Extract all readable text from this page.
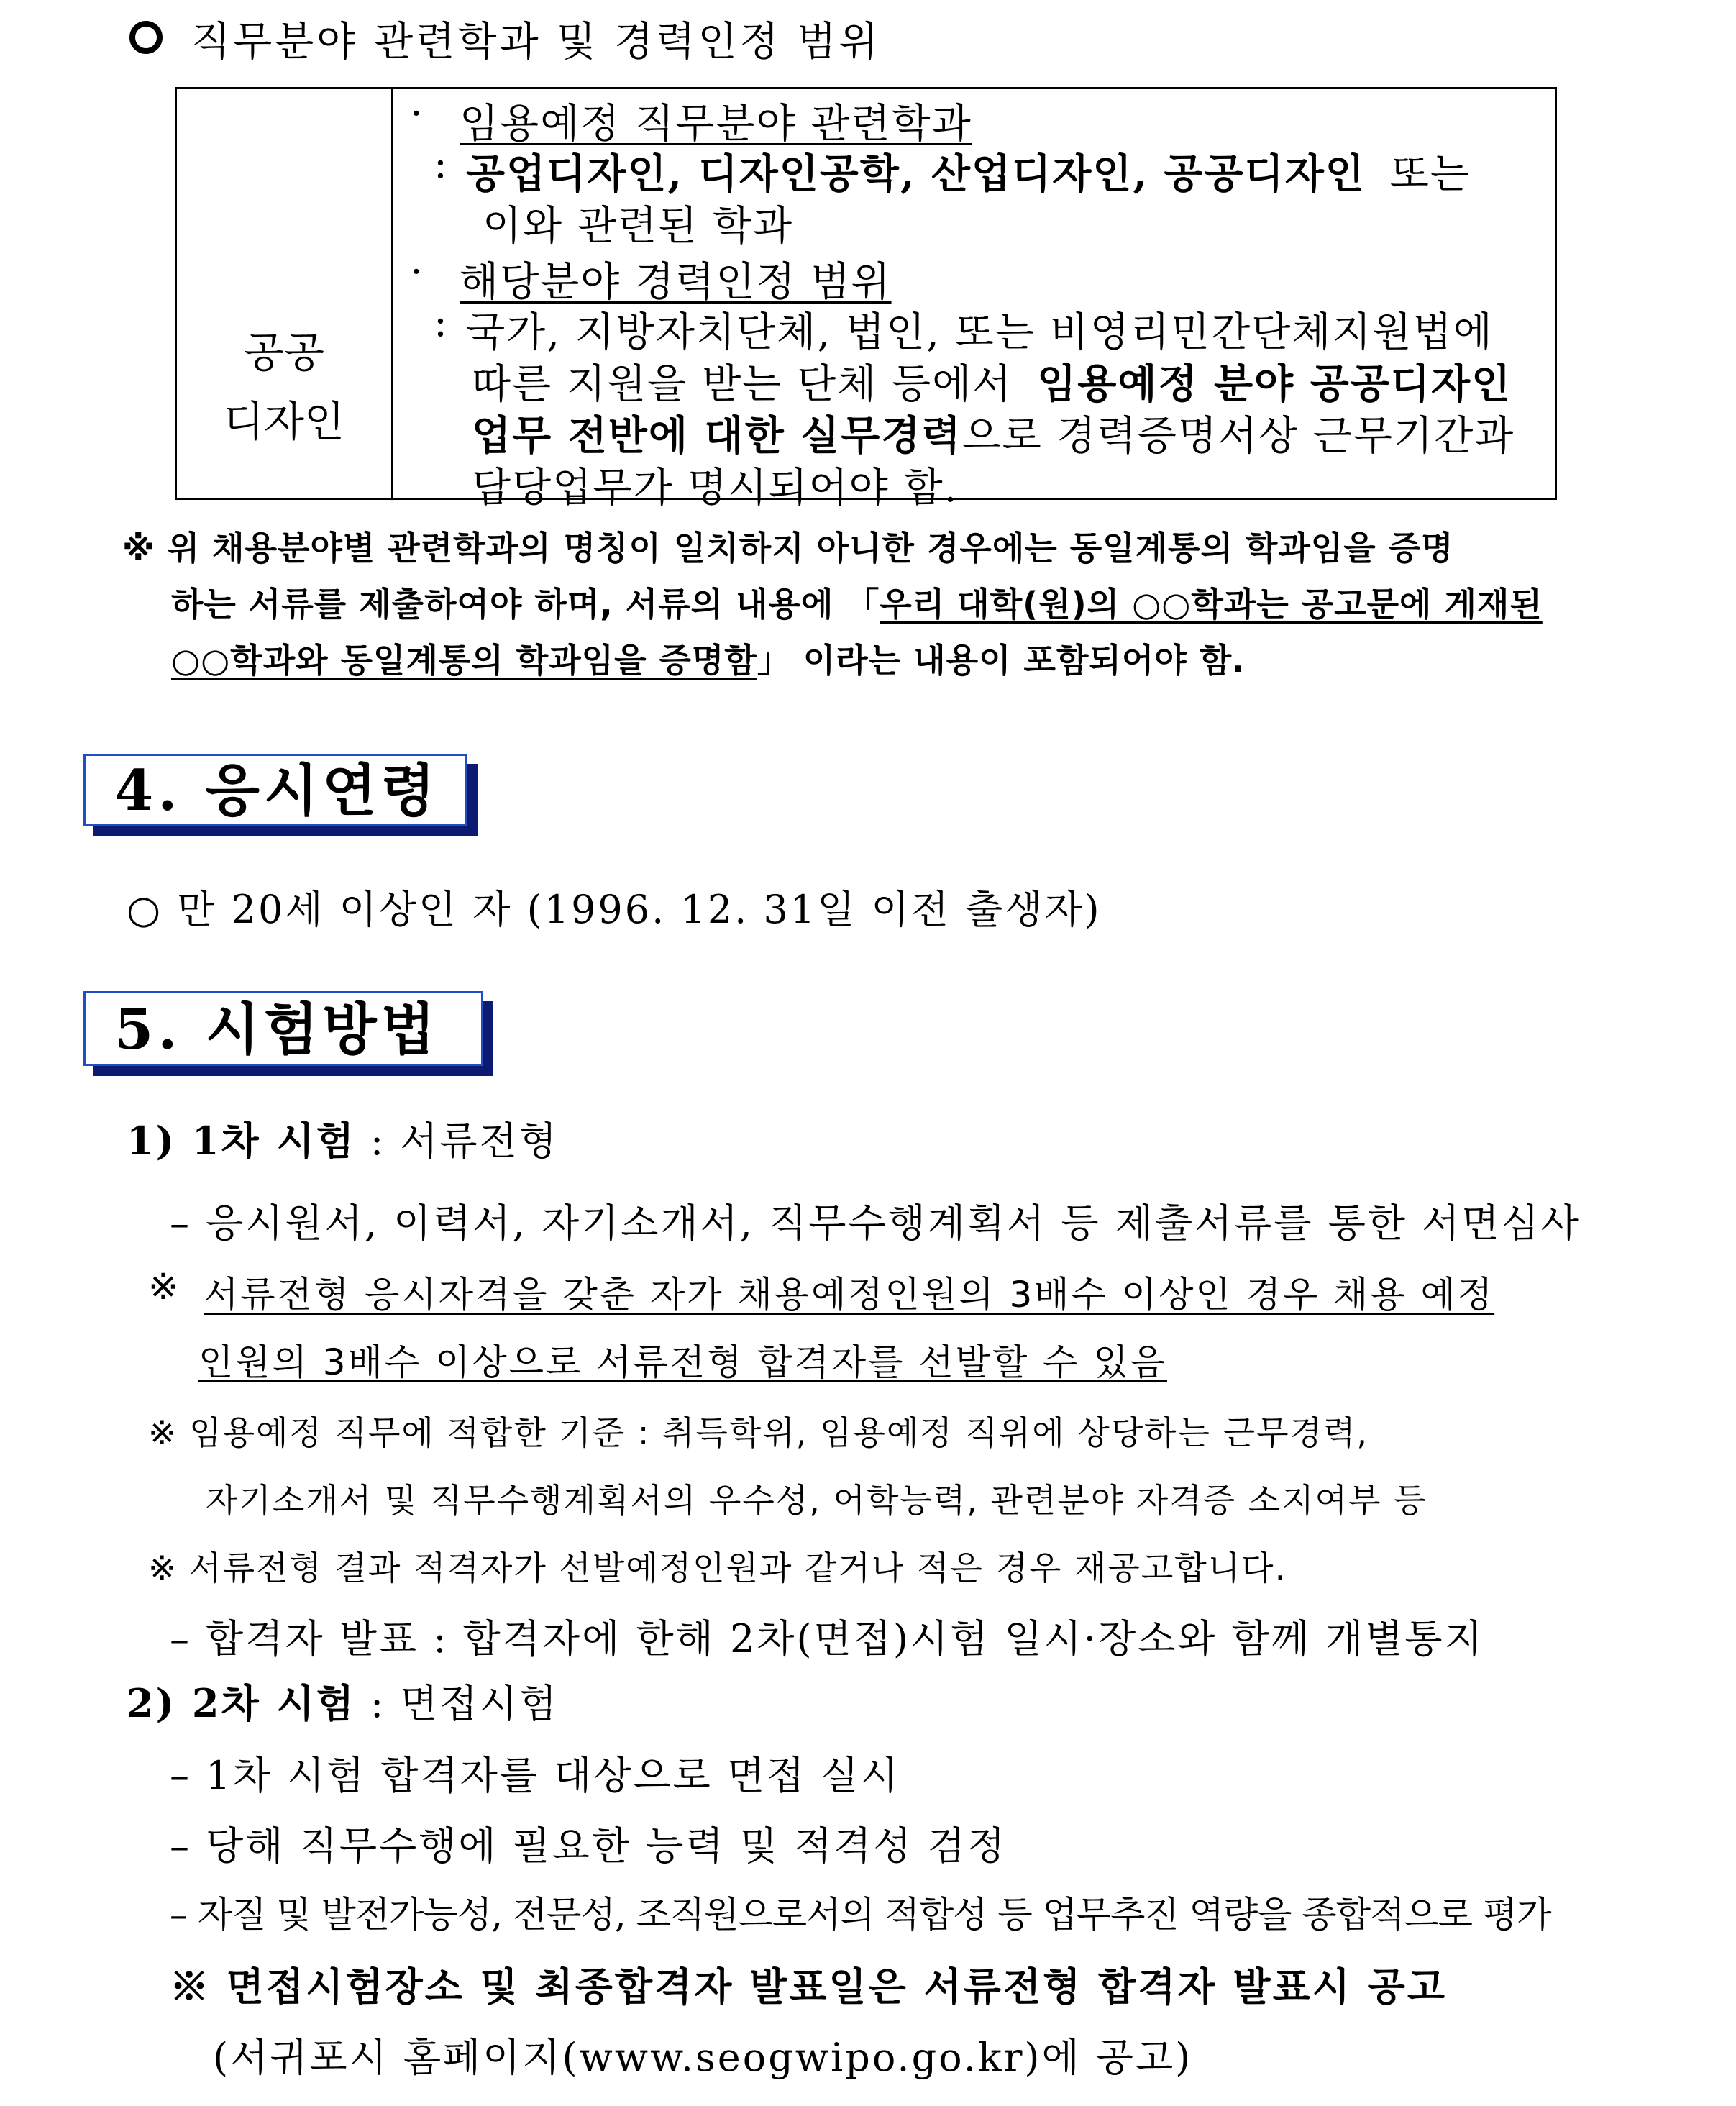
직무분야 관련학과 및 경력인정 범위
공공
디자인
· 임용예정 직무분야 관련학과
: 공업디자인, 디자인공학, 산업디자인, 공공디자인 또는
이와 관련된 학과
· 해당분야 경력인정 범위
: 국가, 지방자치단체, 법인, 또는 비영리민간단체지원법에
따른 지원을 받는 단체 등에서 임용예정 분야 공공디자인
업무 전반에 대한 실무경력으로 경력증명서상 근무기간과
담당업무가 명시되어야 함.
※ 위 채용분야별 관련학과의 명칭이 일치하지 아니한 경우에는 동일계통의 학과임을 증명
하는 서류를 제출하여야 하며, 서류의 내용에 「우리 대학(원)의 ○○학과는 공고문에 게재된
○○학과와 동일계통의 학과임을 증명함」 이라는 내용이 포함되어야 함.
4. 응시연령
○ 만 20세 이상인 자 (1996. 12. 31일 이전 출생자)
5. 시험방법
1) 1차 시험 : 서류전형
– 응시원서, 이력서, 자기소개서, 직무수행계획서 등 제출서류를 통한 서면심사
※ 서류전형 응시자격을 갖춘 자가 채용예정인원의 3배수 이상인 경우 채용 예정
인원의 3배수 이상으로 서류전형 합격자를 선발할 수 있음
※ 임용예정 직무에 적합한 기준 : 취득학위, 임용예정 직위에 상당하는 근무경력,
자기소개서 및 직무수행계획서의 우수성, 어학능력, 관련분야 자격증 소지여부 등
※ 서류전형 결과 적격자가 선발예정인원과 같거나 적은 경우 재공고합니다.
– 합격자 발표 : 합격자에 한해 2차(면접)시험 일시·장소와 함께 개별통지
2) 2차 시험 : 면접시험
– 1차 시험 합격자를 대상으로 면접 실시
– 당해 직무수행에 필요한 능력 및 적격성 검정
– 자질 및 발전가능성, 전문성, 조직원으로서의 적합성 등 업무추진 역량을 종합적으로 평가
※ 면접시험장소 및 최종합격자 발표일은 서류전형 합격자 발표시 공고
(서귀포시 홈페이지(www.seogwipo.go.kr)에 공고)
